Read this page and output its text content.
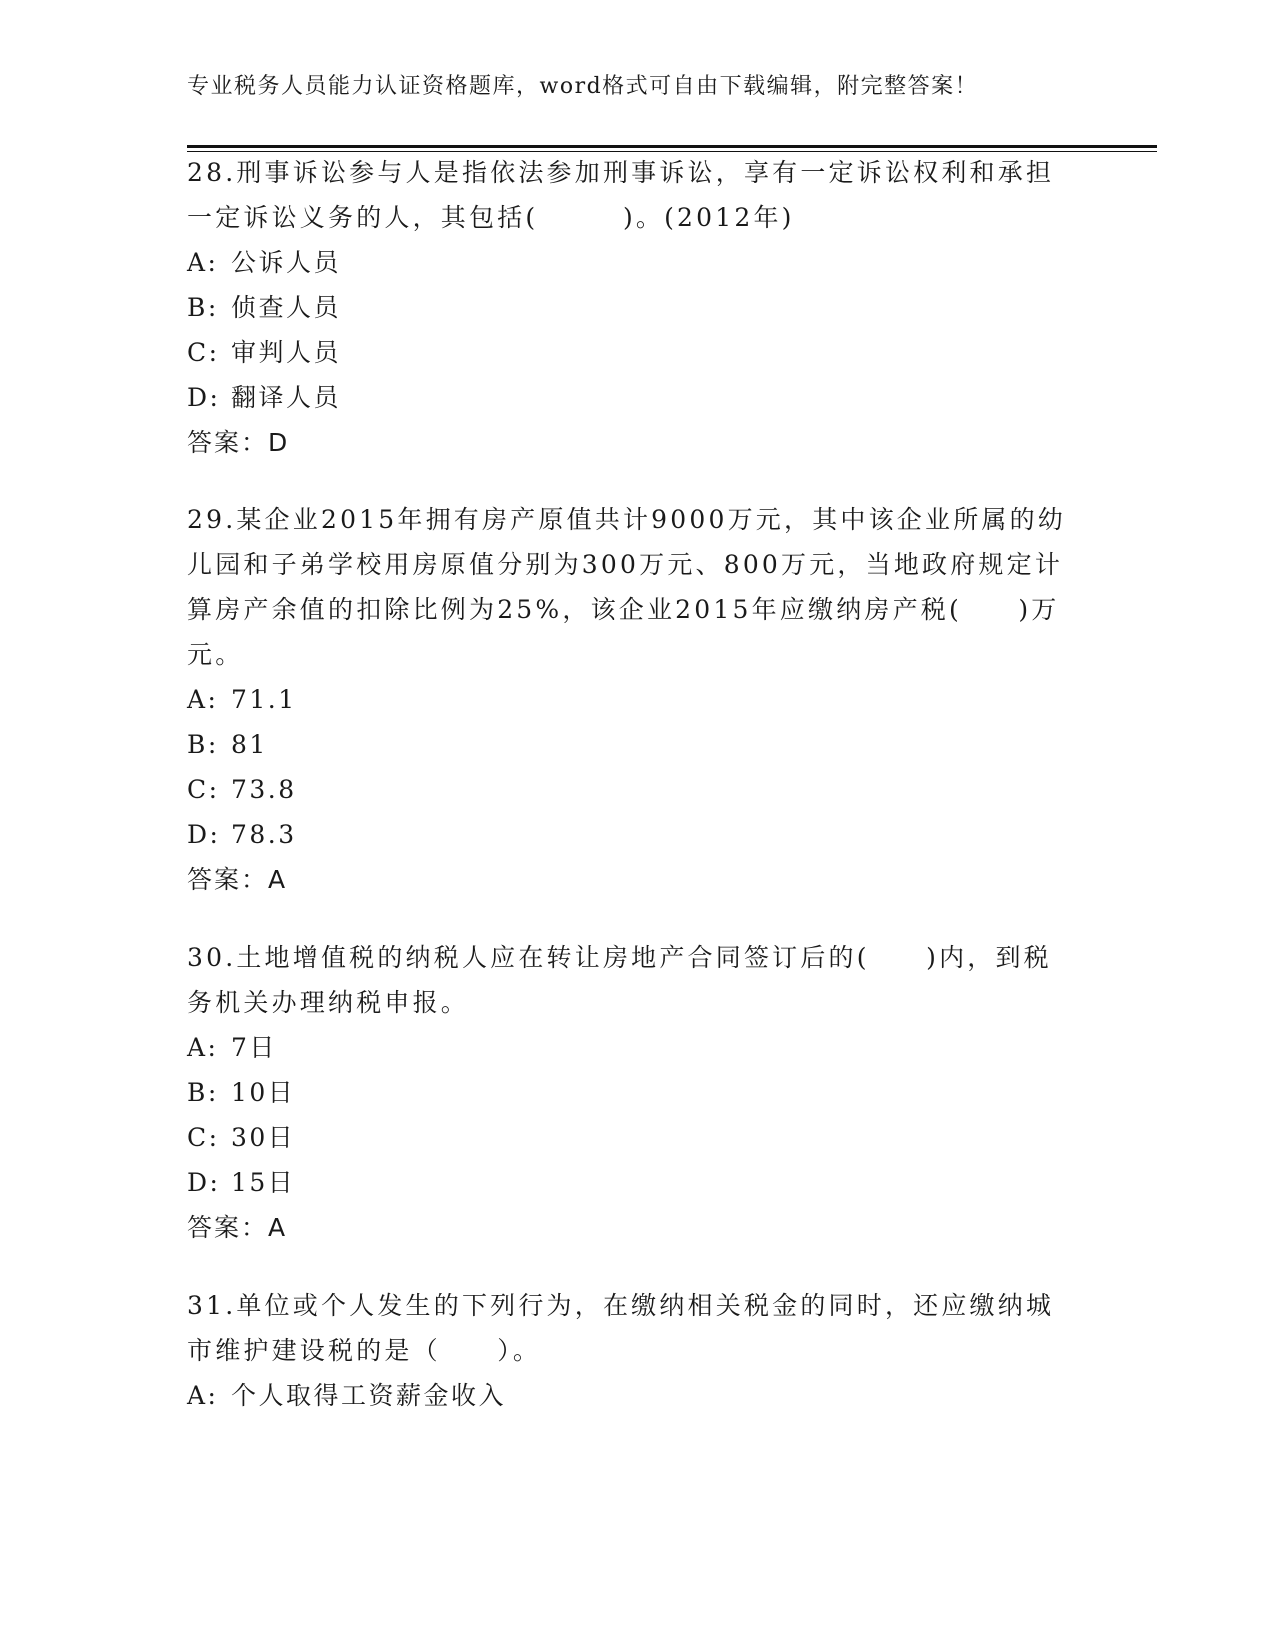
专业税务人员能力认证资格题库，word格式可自由下载编辑，附完整答案！

28.刑事诉讼参与人是指依法参加刑事诉讼，享有一定诉讼权利和承担

一定诉讼义务的人，其包括(　　　)。(2012年)

A: 公诉人员

B: 侦查人员

C: 审判人员

D: 翻译人员

答案：D

29.某企业2015年拥有房产原值共计9000万元，其中该企业所属的幼

儿园和子弟学校用房原值分别为300万元、800万元，当地政府规定计

算房产余值的扣除比例为25%，该企业2015年应缴纳房产税(　　)万

元。

A: 71.1

B: 81

C: 73.8

D: 78.3

答案：A

30.土地增值税的纳税人应在转让房地产合同签订后的(　　)内，到税

务机关办理纳税申报。

A: 7日

B: 10日

C: 30日

D: 15日

答案：A

31.单位或个人发生的下列行为，在缴纳相关税金的同时，还应缴纳城

市维护建设税的是（　　）。

A: 个人取得工资薪金收入
